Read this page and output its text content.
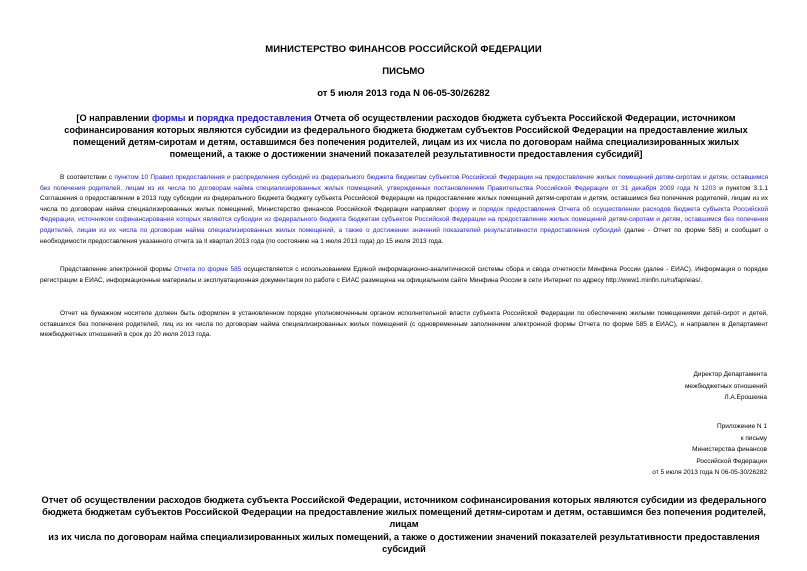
МИНИСТЕРСТВО ФИНАНСОВ РОССИЙСКОЙ ФЕДЕРАЦИИ
ПИСЬМО
от 5 июля 2013 года N 06-05-30/26282
[О направлении формы и порядка предоставления Отчета об осуществлении расходов бюджета субъекта Российской Федерации, источником софинансирования которых являются субсидии из федерального бюджета бюджетам субъектов Российской Федерации на предоставление жилых помещений детям-сиротам и детям, оставшимся без попечения родителей, лицам из их числа по договорам найма специализированных жилых помещений, а также о достижении значений показателей результативности предоставления субсидий]
В соответствии с пунктом 10 Правил предоставления и распределения субсидий из федерального бюджета бюджетам субъектов Российской Федерации на предоставление жилых помещений детям-сиротам и детям, оставшимся без попечения родителей, лицам из их числа по договорам найма специализированных жилых помещений, утвержденных постановлением Правительства Российской Федерации от 31 декабря 2009 года N 1203 и пунктом 3.1.1 Соглашения о предоставлении в 2013 году субсидии из федерального бюджета бюджету субъекта Российской Федерации на предоставление жилых помещений детям-сиротам и детям, оставшимся без попечения родителей, лицам из их числа по договорам найма специализированных жилых помещений, Министерство финансов Российской Федерации направляет форму и порядок предоставления Отчета об осуществлении расходов бюджета субъекта Российской Федерации, источником софинансирования которых являются субсидии из федерального бюджета бюджетам субъектов Российской Федерации на предоставление жилых помещений детям-сиротам и детям, оставшимся без попечения родителей, лицам из их числа по договорам найма специализированных жилых помещений, а также о достижении значений показателей результативности предоставления субсидий (далее - Отчет по форме 585) и сообщает о необходимости предоставления указанного отчета за II квартал 2013 года (по состоянию на 1 июля 2013 года) до 15 июля 2013 года.
Представление электронной формы Отчета по форме 585 осуществляется с использованием Единой информационно-аналитической системы сбора и свода отчетности Минфина России (далее - ЕИАС). Информация о порядке регистрации в ЕИАС, информационные материалы и эксплуатационная документация по работе с ЕИАС размещена на официальном сайте Минфина России в сети Интернет по адресу http://www1.minfin.ru/ru/fap/eias/.
Отчет на бумажном носителе должен быть оформлен в установленном порядке уполномоченным органом исполнительной власти субъекта Российской Федерации по обеспечению жилыми помещениями детей-сирот и детей, оставшихся без попечения родителей, лиц из их числа по договорам найма специализированных жилых помещений (с одновременным заполнением электронной формы Отчета по форме 585 в ЕИАС), и направлен в Департамент межбюджетных отношений в срок до 20 июля 2013 года.
Директор Департамента
межбюджетных отношений
Л.А.Ерошкина
Приложение N 1
к письму
Министерства финансов
Российской Федерации
от 5 июля 2013 года N 06-05-30/26282
Отчет об осуществлении расходов бюджета субъекта Российской Федерации, источником софинансирования которых являются субсидии из федерального
бюджета бюджетам субъектов Российской Федерации на предоставление жилых помещений детям-сиротам и детям, оставшимся без попечения родителей, лицам
из их числа по договорам найма специализированных жилых помещений, а также о достижении значений показателей результативности предоставления субсидий
